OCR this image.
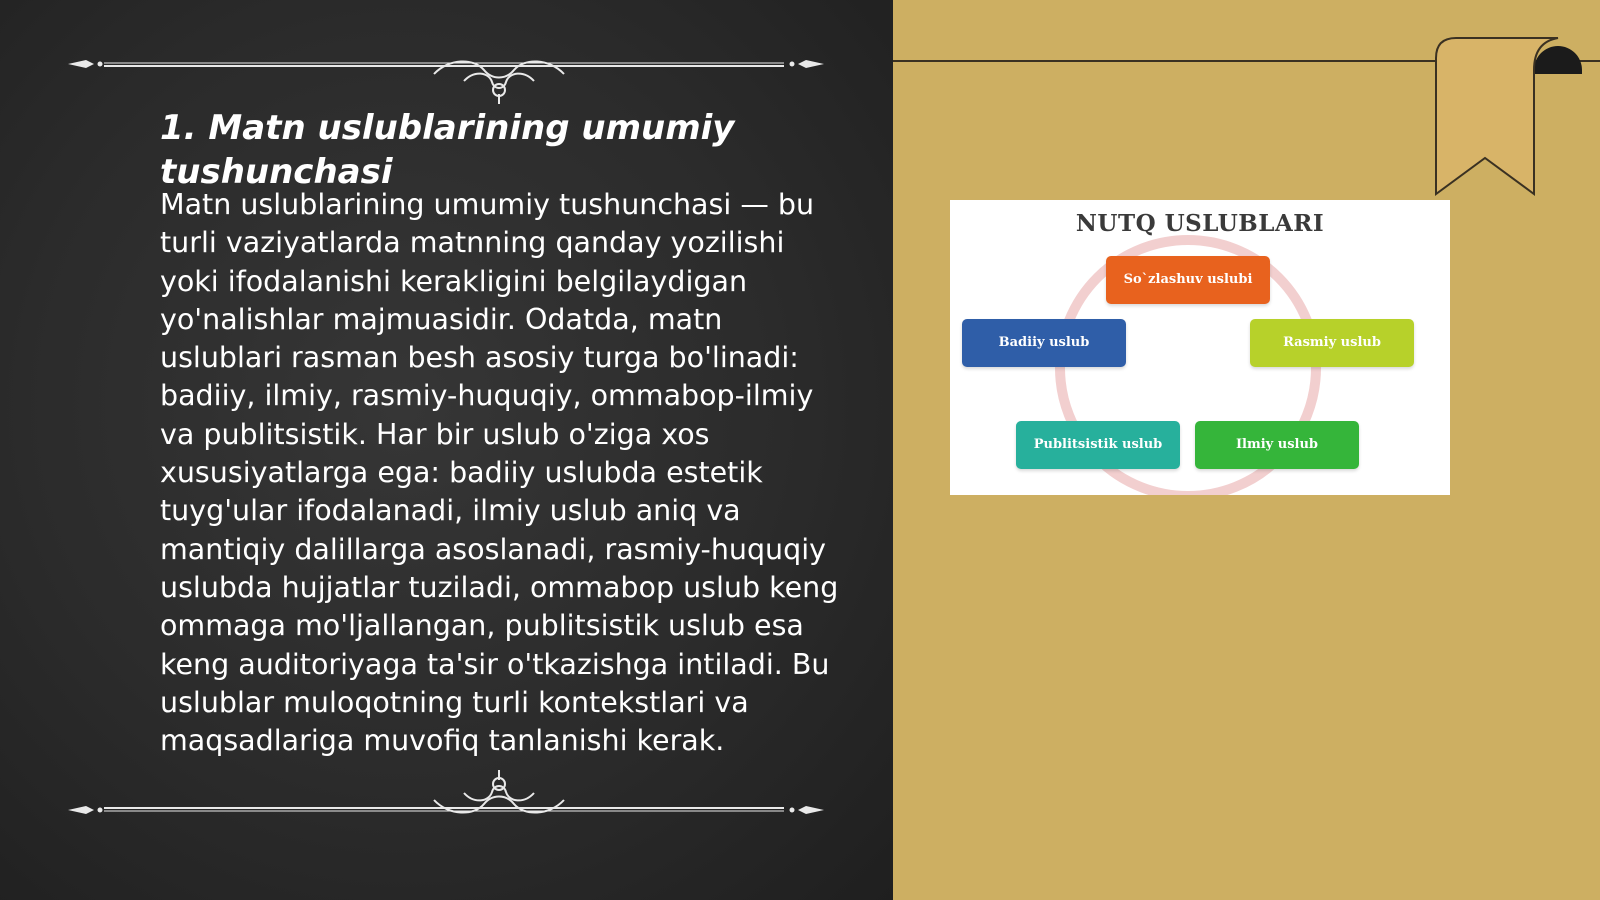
1. Matn uslublarining umumiy tushunchasi
Matn uslublarining umumiy tushunchasi — bu turli vaziyatlarda matnning qanday yozilishi yoki ifodalanishi kerakligini belgilaydigan yo'nalishlar majmuasidir. Odatda, matn uslublari rasman besh asosiy turga bo'linadi: badiiy, ilmiy, rasmiy-huquqiy, ommabop-ilmiy va publitsistik. Har bir uslub o'ziga xos xususiyatlarga ega: badiiy uslubda estetik tuyg'ular ifodalanadi, ilmiy uslub aniq va mantiqiy dalillarga asoslanadi, rasmiy-huquqiy uslubda hujjatlar tuziladi, ommabop uslub keng ommaga mo'ljallangan, publitsistik uslub esa keng auditoriyaga ta'sir o'tkazishga intiladi. Bu uslublar muloqotning turli kontekstlari va maqsadlariga muvofiq tanlanishi kerak.
NUTQ USLUBLARI
So`zlashuv uslubi
Badiiy uslub	Rasmiy uslub
Publitsistik uslub	Ilmiy uslub
